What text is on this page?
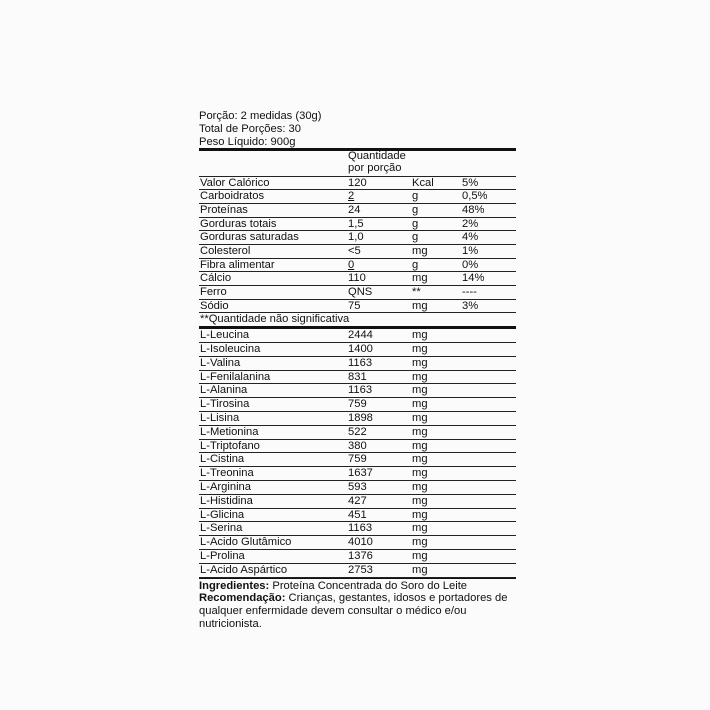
Porção: 2 medidas (30g)
Total de Porções: 30
Peso Líquido: 900g
Quantidade
por porção
Valor Calórico	120	Kcal	5%
Carboidratos	2	g	0,5%
Proteínas	24	g	48%
Gorduras totais	1,5	g	2%
Gorduras saturadas	1,0	g	4%
Colesterol	<5	mg	1%
Fibra alimentar	0	g	0%
Cálcio	110	mg	14%
Ferro	QNS	**	----
Sódio	75	mg	3%
**Quantidade não significativa
L-Leucina	2444	mg
L-Isoleucina	1400	mg
L-Valina	1163	mg
L-Fenilalanina	831	mg
L-Alanina	1163	mg
L-Tirosina	759	mg
L-Lisina	1898	mg
L-Metionina	522	mg
L-Triptofano	380	mg
L-Cistina	759	mg
L-Treonina	1637	mg
L-Arginina	593	mg
L-Histidina	427	mg
L-Glicina	451	mg
L-Serina	1163	mg
L-Acido Glutâmico	4010	mg
L-Prolina	1376	mg
L-Acido Aspártico	2753	mg
Ingredientes: Proteína Concentrada do Soro do Leite
Recomendação: Crianças, gestantes, idosos e portadores de qualquer enfermidade devem consultar o médico e/ou nutricionista.
